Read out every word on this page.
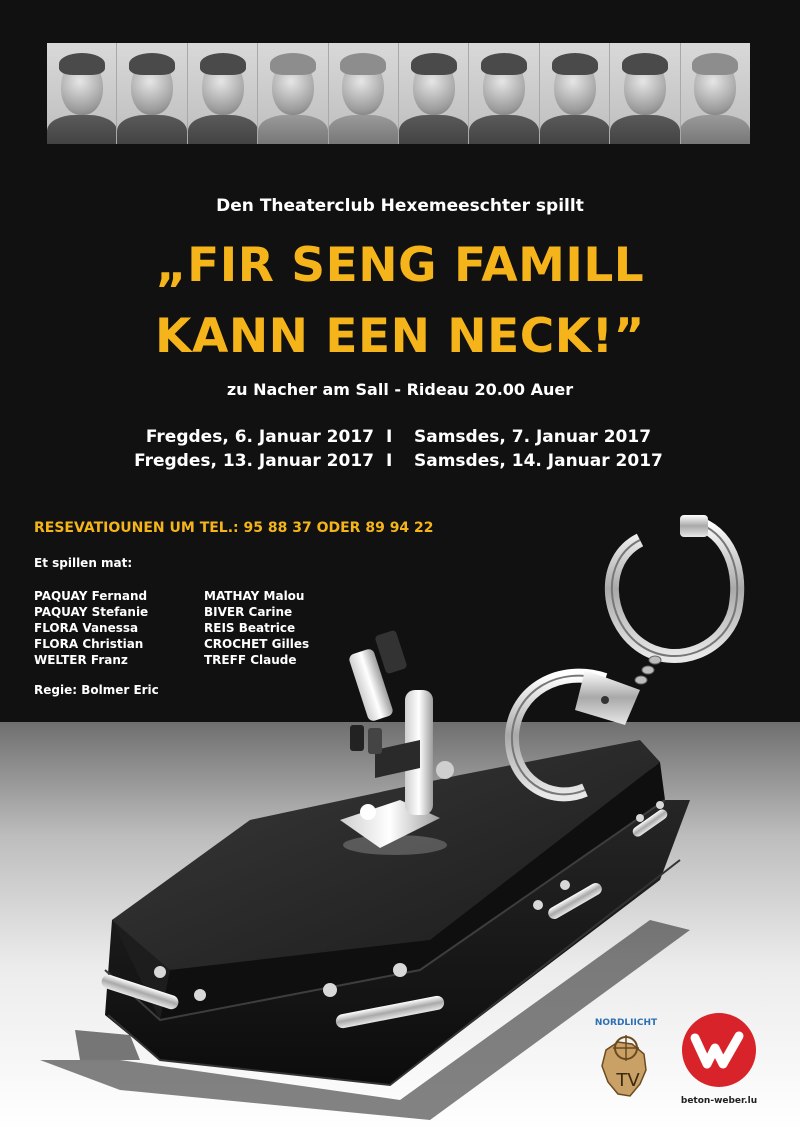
Den Theaterclub Hexemeeschter spillt
„FIR SENG FAMILL
KANN EEN NECK!”
zu Nacher am Sall - Rideau 20.00 Auer
Fregdes, 6. Januar 2017 I Samsdes, 7. Januar 2017
Fregdes, 13. Januar 2017 I Samsdes, 14. Januar 2017
RESEVATIOUNEN UM TEL.: 95 88 37 ODER 89 94 22
Et spillen mat:
PAQUAY Fernand
PAQUAY Stefanie
FLORA Vanessa
FLORA Christian
WELTER Franz
MATHAY Malou
BIVER Carine
REIS Beatrice
CROCHET Gilles
TREFF Claude
Regie: Bolmer Eric
NORDLIICHT
TV
beton-weber.lu
